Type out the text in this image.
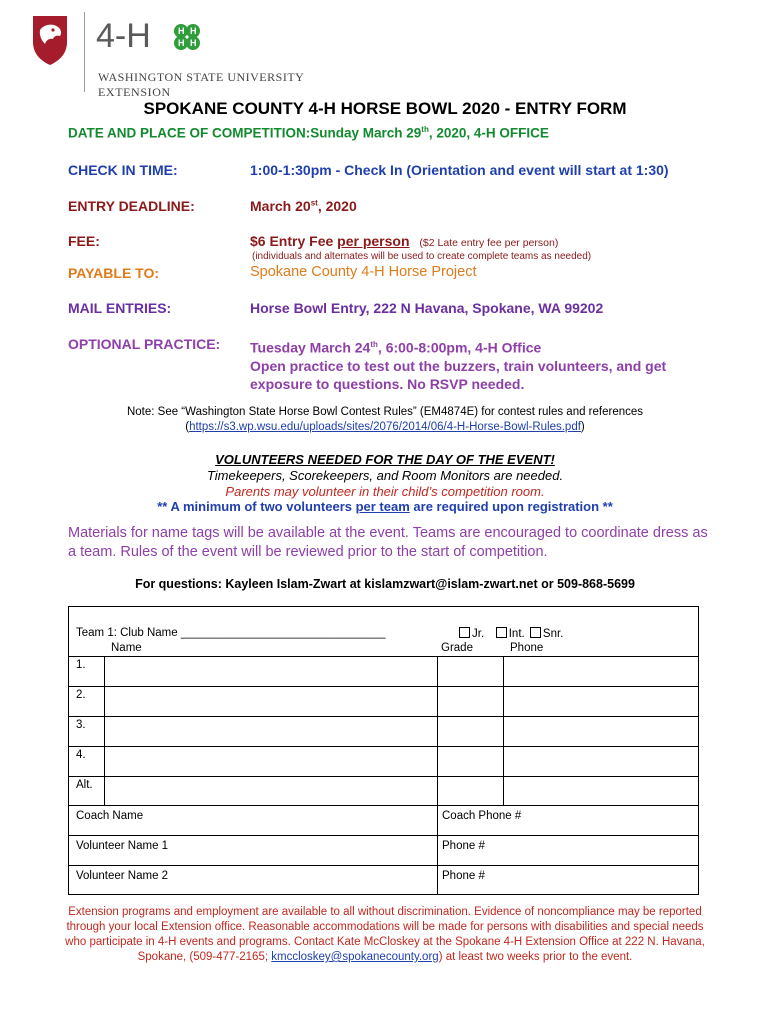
4-H	H H
H H
WASHINGTON STATE UNIVERSITY
EXTENSION
SPOKANE COUNTY 4-H HORSE BOWL 2020 - ENTRY FORM
DATE AND PLACE OF COMPETITION:Sunday March 29th, 2020, 4-H OFFICE
CHECK IN TIME:	1:00-1:30pm - Check In (Orientation and event will start at 1:30)
ENTRY DEADLINE:	March 20st, 2020
FEE:	$6 Entry Fee per person ($2 Late entry fee per person)
(individuals and alternates will be used to create complete teams as needed)
PAYABLE TO:	Spokane County 4-H Horse Project
MAIL ENTRIES:	Horse Bowl Entry, 222 N Havana, Spokane, WA 99202
OPTIONAL PRACTICE: Tuesday March 24th, 6:00-8:00pm, 4-H Office
Open practice to test out the buzzers, train volunteers, and get
exposure to questions. No RSVP needed.
Note: See “Washington State Horse Bowl Contest Rules” (EM4874E) for contest rules and references
(https://s3.wp.wsu.edu/uploads/sites/2076/2014/06/4-H-Horse-Bowl-Rules.pdf)
VOLUNTEERS NEEDED FOR THE DAY OF THE EVENT!
Timekeepers, Scorekeepers, and Room Monitors are needed.
Parents may volunteer in their child’s competition room.
** A minimum of two volunteers per team are required upon registration **
Materials for name tags will be available at the event. Teams are encouraged to coordinate dress as a team. Rules of the event will be reviewed prior to the start of competition.
For questions: Kayleen Islam-Zwart at kislamzwart@islam-zwart.net or 509-868-5699
Team 1: Club Name ________________________________	Jr. Int. Snr.
Name	Grade	Phone
1.
2.
3.
4.
Alt.
Coach Name	Coach Phone #
Volunteer Name 1	Phone #
Volunteer Name 2	Phone #
Extension programs and employment are available to all without discrimination. Evidence of noncompliance may be reported through your local Extension office. Reasonable accommodations will be made for persons with disabilities and special needs who participate in 4-H events and programs. Contact Kate McCloskey at the Spokane 4-H Extension Office at 222 N. Havana, Spokane, (509-477-2165; kmccloskey@spokanecounty.org) at least two weeks prior to the event.
